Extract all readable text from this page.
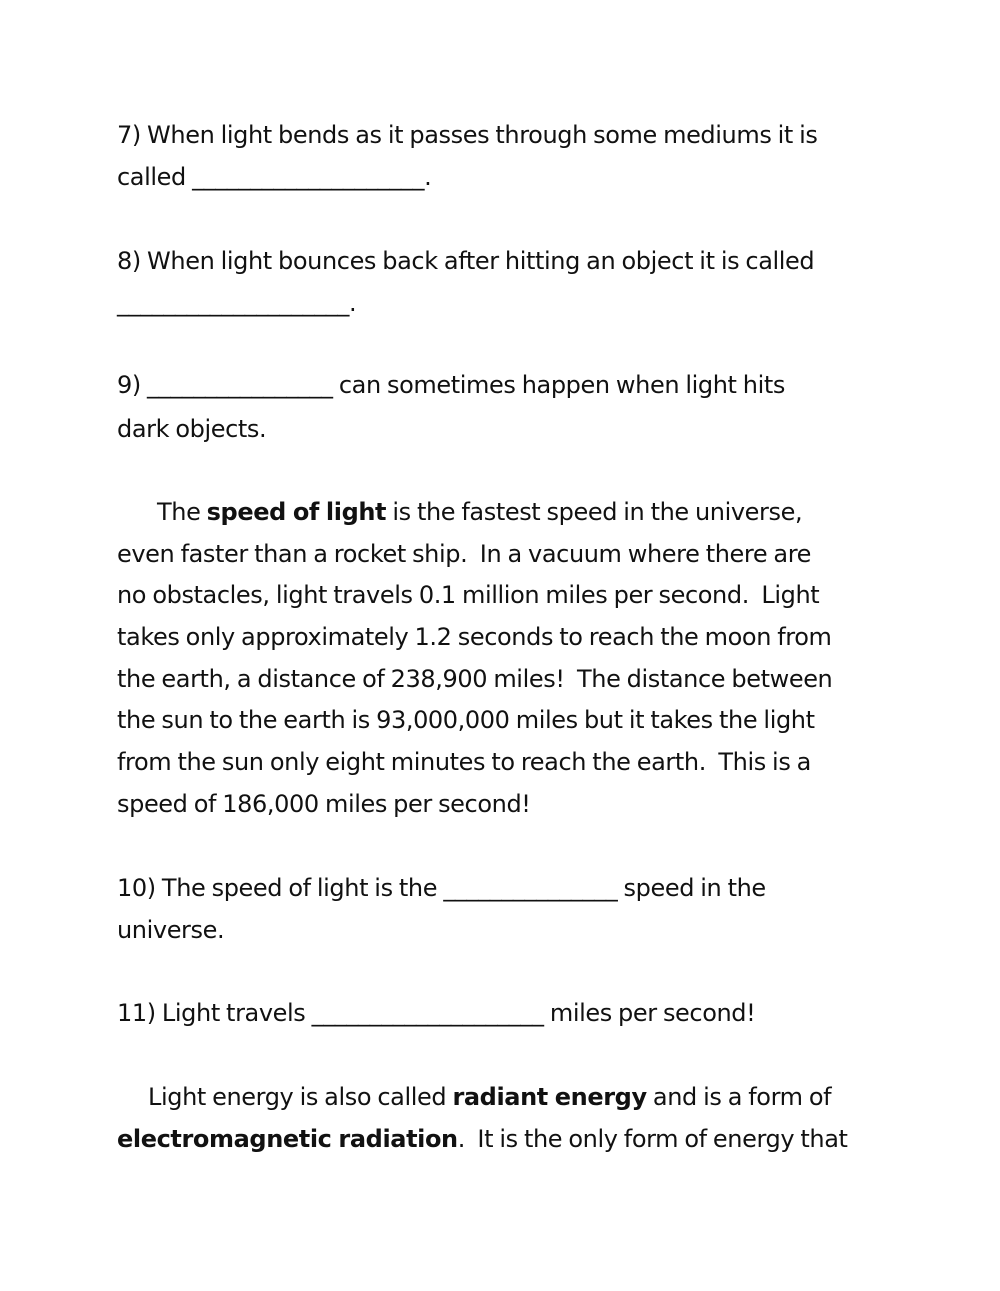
7) When light bends as it passes through some mediums it is
called ____________________.
8) When light bounces back after hitting an object it is called
____________________.
9) ________________ can sometimes happen when light hits
dark objects.
The speed of light is the fastest speed in the universe,
even faster than a rocket ship.  In a vacuum where there are
no obstacles, light travels 0.1 million miles per second.  Light
takes only approximately 1.2 seconds to reach the moon from
the earth, a distance of 238,900 miles!  The distance between
the sun to the earth is 93,000,000 miles but it takes the light
from the sun only eight minutes to reach the earth.  This is a
speed of 186,000 miles per second!
10) The speed of light is the _______________ speed in the
universe.
11) Light travels ____________________ miles per second!
Light energy is also called radiant energy and is a form of
electromagnetic radiation.  It is the only form of energy that
